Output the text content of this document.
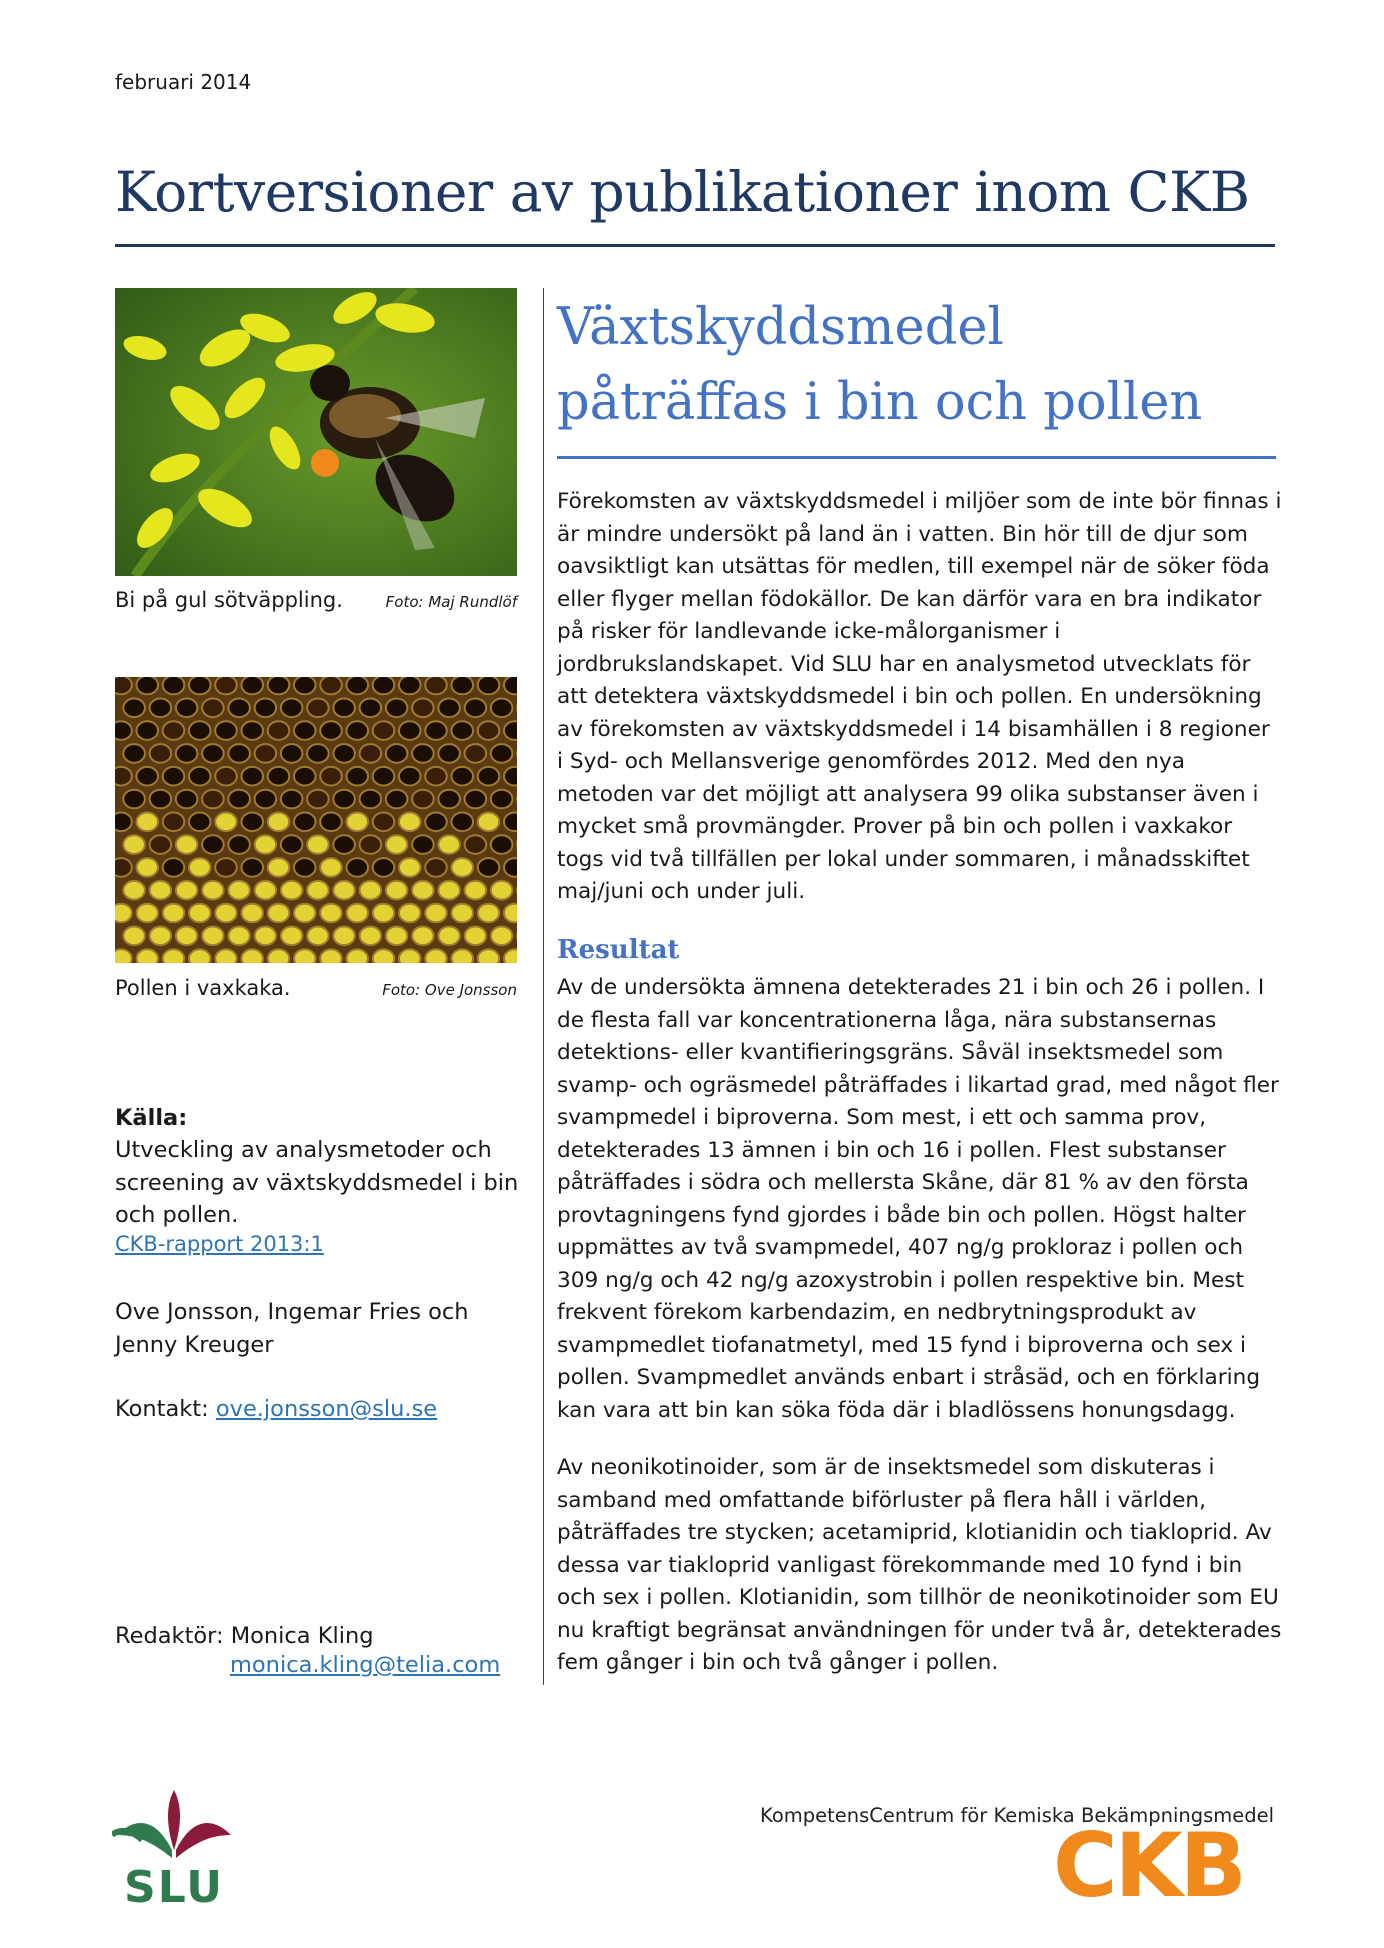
februari 2014
Kortversioner av publikationer inom CKB
Bi på gul sötväppling.	Foto: Maj Rundlöf
Pollen i vaxkaka.	Foto: Ove Jonsson
Källa:
Utveckling av analysmetoder och screening av växtskyddsmedel i bin och pollen.
CKB-rapport 2013:1
Ove Jonsson, Ingemar Fries och Jenny Kreuger
Kontakt: ove.jonsson@slu.se
Redaktör: Monica Kling
monica.kling@telia.com
Växtskyddsmedel
påträffas i bin och pollen

Förekomsten av växtskyddsmedel i miljöer som de inte bör finnas i är mindre undersökt på land än i vatten. Bin hör till de djur som oavsiktligt kan utsättas för medlen, till exempel när de söker föda eller flyger mellan födokällor. De kan därför vara en bra indikator på risker för landlevande icke-målorganismer i jordbrukslandskapet. Vid SLU har en analysmetod utvecklats för att detektera växtskyddsmedel i bin och pollen. En undersökning av förekomsten av växtskyddsmedel i 14 bisamhällen i 8 regioner i Syd- och Mellansverige genomfördes 2012. Med den nya metoden var det möjligt att analysera 99 olika substanser även i mycket små provmängder. Prover på bin och pollen i vaxkakor togs vid två tillfällen per lokal under sommaren, i månadsskiftet maj/juni och under juli.

Resultat

Av de undersökta ämnena detekterades 21 i bin och 26 i pollen. I de flesta fall var koncentrationerna låga, nära substansernas detektions- eller kvantifieringsgräns. Såväl insektsmedel som svamp- och ogräsmedel påträffades i likartad grad, med något fler svampmedel i biproverna. Som mest, i ett och samma prov, detekterades 13 ämnen i bin och 16 i pollen. Flest substanser påträffades i södra och mellersta Skåne, där 81 % av den första provtagningens fynd gjordes i både bin och pollen. Högst halter uppmättes av två svampmedel, 407 ng/g prokloraz i pollen och 309 ng/g och 42 ng/g azoxystrobin i pollen respektive bin. Mest frekvent förekom karbendazim, en nedbrytningsprodukt av svampmedlet tiofanatmetyl, med 15 fynd i biproverna och sex i pollen. Svampmedlet används enbart i stråsäd, och en förklaring kan vara att bin kan söka föda där i bladlössens honungsdagg.

Av neonikotinoider, som är de insektsmedel som diskuteras i samband med omfattande biförluster på flera håll i världen, påträffades tre stycken; acetamiprid, klotianidin och tiakloprid. Av dessa var tiakloprid vanligast förekommande med 10 fynd i bin och sex i pollen. Klotianidin, som tillhör de neonikotinoider som EU nu kraftigt begränsat användningen för under två år, detekterades fem gånger i bin och två gånger i pollen.

SLU
KompetensCentrum för Kemiska Bekämpningsmedel
CKB
